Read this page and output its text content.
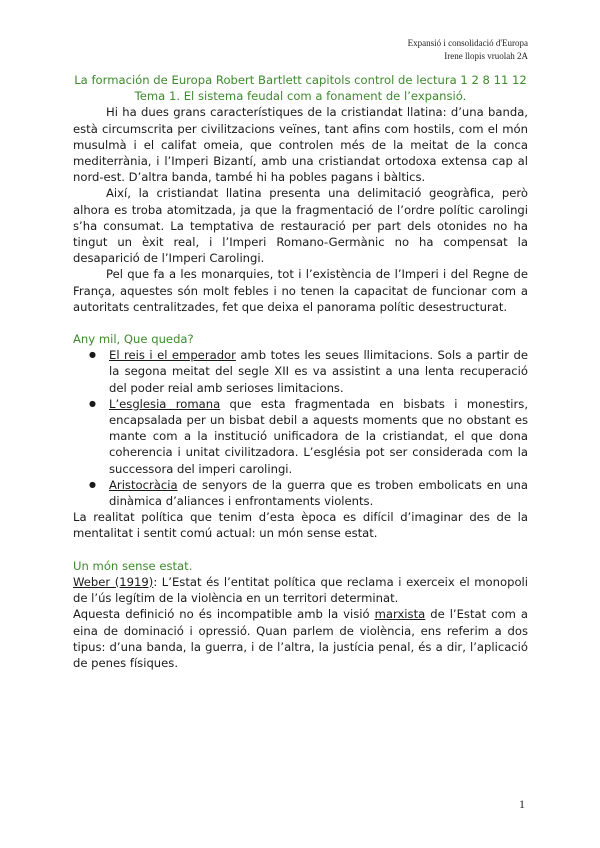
Expansió i consolidació d'Europa
Irene llopis vruolah 2A

La formación de Europa Robert Bartlett capitols control de lectura 1 2 8 11 12

Tema 1. El sistema feudal com a fonament de l’expansió.

Hi ha dues grans característiques de la cristiandat llatina: d’una banda, està circumscrita per civilitzacions veïnes, tant afins com hostils, com el món musulmà i el califat omeia, que controlen més de la meitat de la conca mediterrània, i l’Imperi Bizantí, amb una cristiandat ortodoxa extensa cap al nord-est. D’altra banda, també hi ha pobles pagans i bàltics.

Així, la cristiandat llatina presenta una delimitació geogràfica, però alhora es troba atomitzada, ja que la fragmentació de l’ordre polític carolingi s’ha consumat. La temptativa de restauració per part dels otonides no ha tingut un èxit real, i l’Imperi Romano-Germànic no ha compensat la desaparició de l’Imperi Carolingi.

Pel que fa a les monarquies, tot i l’existència de l’Imperi i del Regne de França, aquestes són molt febles i no tenen la capacitat de funcionar com a autoritats centralitzades, fet que deixa el panorama polític desestructurat.

Any mil, Que queda?

● El reis i el emperador amb totes les seues llimitacions. Sols a partir de la segona meitat del segle XII es va assistint a una lenta recuperació del poder reial amb serioses limitacions.
● L’esglesia romana que esta fragmentada en bisbats i monestirs, encapsalada per un bisbat debil a aquests moments que no obstant es mante com a la institució unificadora de la cristiandat, el que dona coherencia i unitat civilitzadora. L’església pot ser considerada com la successora del imperi carolingi.
● Aristocràcia de senyors de la guerra que es troben embolicats en una dinàmica d’aliances i enfrontaments violents.

La realitat política que tenim d’esta època es difícil d’imaginar des de la mentalitat i sentit comú actual: un món sense estat.

Un món sense estat.

Weber (1919): L’Estat és l’entitat política que reclama i exerceix el monopoli de l’ús legítim de la violència en un territori determinat.

Aquesta definició no és incompatible amb la visió marxista de l’Estat com a eina de dominació i opressió. Quan parlem de violència, ens referim a dos tipus: d’una banda, la guerra, i de l’altra, la justícia penal, és a dir, l’aplicació de penes físiques.

1
